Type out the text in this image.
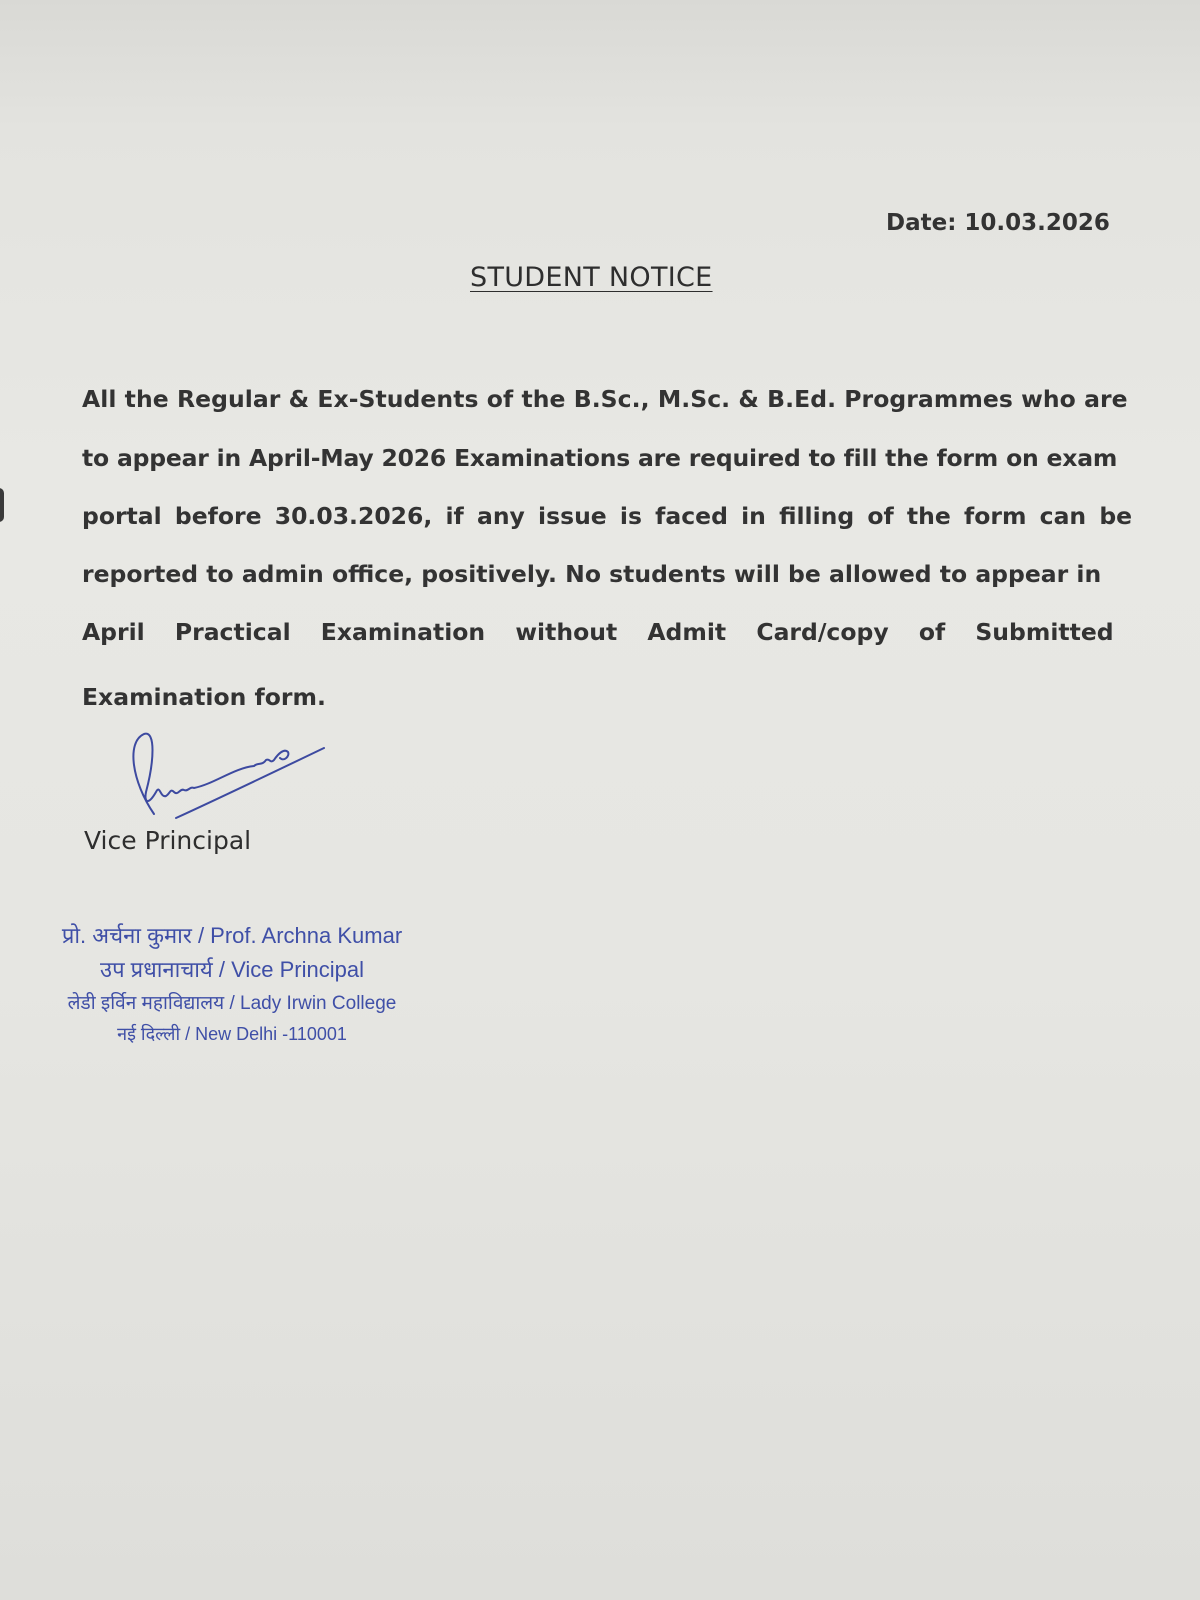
Date: 10.03.2026
STUDENT NOTICE
All the Regular & Ex-Students of the B.Sc., M.Sc. & B.Ed. Programmes who are
to appear in April-May 2026 Examinations are required to fill the form on exam
portal before 30.03.2026, if any issue is faced in filling of the form can be
reported to admin office, positively. No students will be allowed to appear in
April Practical Examination without Admit Card/copy of Submitted
Examination form.
Vice Principal
प्रो. अर्चना कुमार / Prof. Archna Kumar
उप प्रधानाचार्य / Vice Principal
लेडी इर्विन महाविद्यालय / Lady Irwin College
नई दिल्ली / New Delhi -110001
